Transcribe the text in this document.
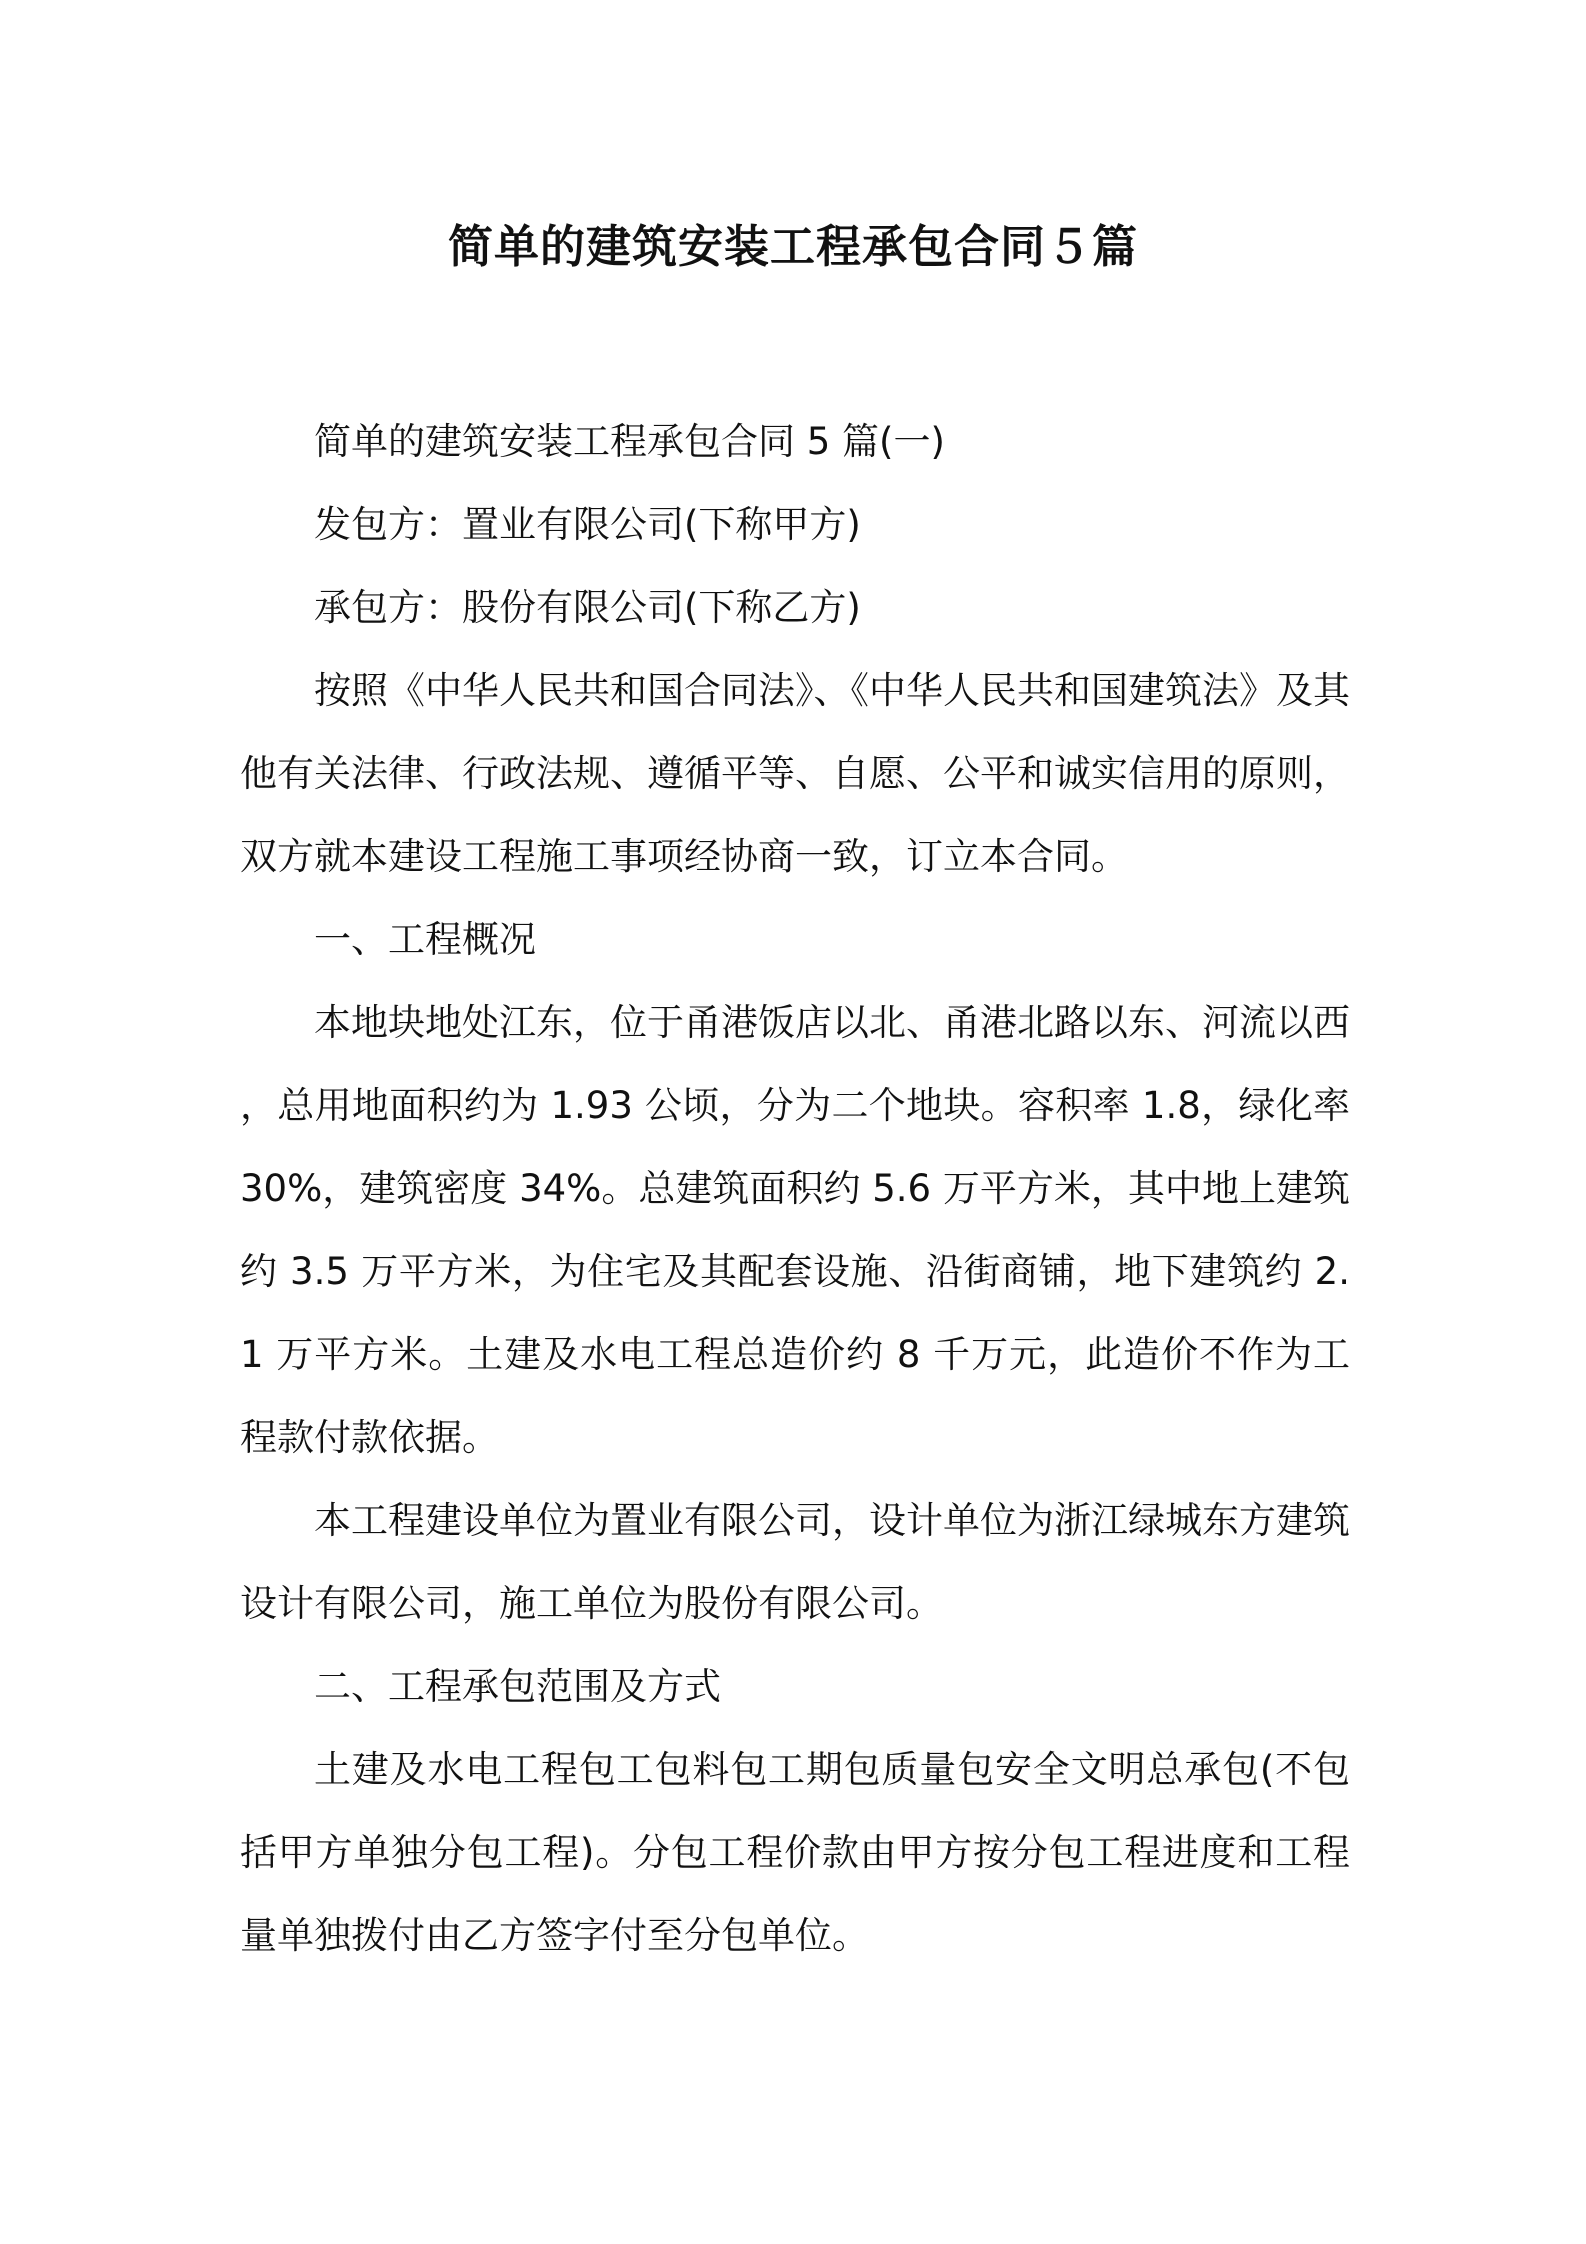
简单的建筑安装工程承包合同５篇

简单的建筑安装工程承包合同 5 篇(一)

发包方：置业有限公司(下称甲方)

承包方：股份有限公司(下称乙方)

按照《中华人民共和国合同法》、《中华人民共和国建筑法》及其他有关法律、行政法规、遵循平等、自愿、公平和诚实信用的原则，双方就本建设工程施工事项经协商一致，订立本合同。

一、工程概况

本地块地处江东，位于甬港饭店以北、甬港北路以东、河流以西，总用地面积约为 1.93 公顷，分为二个地块。容积率 1.8，绿化率 30%，建筑密度 34%。总建筑面积约 5.6 万平方米，其中地上建筑约 3.5 万平方米，为住宅及其配套设施、沿街商铺，地下建筑约 2.1 万平方米。土建及水电工程总造价约 8 千万元，此造价不作为工程款付款依据。

本工程建设单位为置业有限公司，设计单位为浙江绿城东方建筑设计有限公司，施工单位为股份有限公司。

二、工程承包范围及方式

土建及水电工程包工包料包工期包质量包安全文明总承包(不包括甲方单独分包工程)。分包工程价款由甲方按分包工程进度和工程量单独拨付由乙方签字付至分包单位。
